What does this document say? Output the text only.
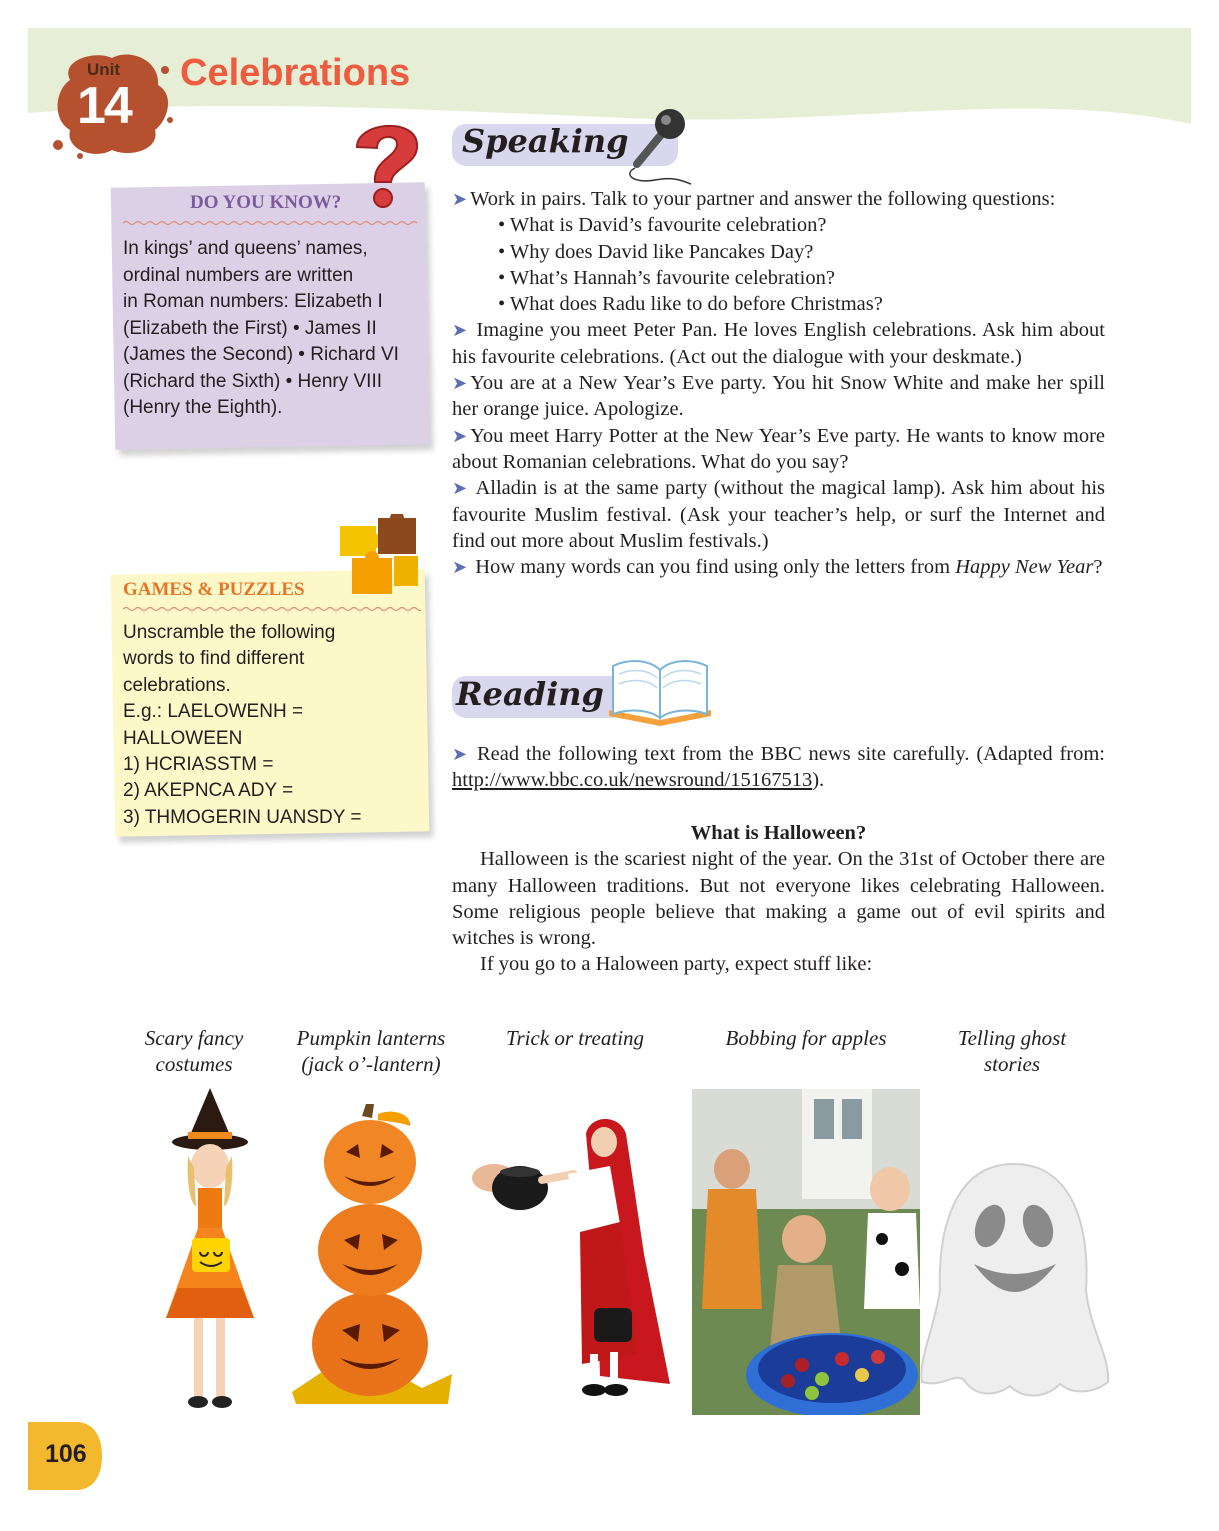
Unit
14
Celebrations
DO YOU KNOW?
In kings’ and queens’ names,
ordinal numbers are written
in Roman numbers: Elizabeth I
(Elizabeth the First) • James II
(James the Second) • Richard VI
(Richard the Sixth) • Henry VIII
(Henry the Eighth).
GAMES & PUZZLES
Unscramble the following
words to find different
celebrations.
E.g.: LAELOWENH = HALLOWEEN
1) HCRIASSTM =
2) AKEPNCA ADY =
3) THMOGERIN UANSDY =
Speaking

➤ Work in pairs. Talk to your partner and answer the following questions:

• What is David’s favourite celebration?

• Why does David like Pancakes Day?

• What’s Hannah’s favourite celebration?

• What does Radu like to do before Christmas?

➤ Imagine you meet Peter Pan. He loves English celebrations. Ask him about his favourite celebrations. (Act out the dialogue with your deskmate.)

➤ You are at a New Year’s Eve party. You hit Snow White and make her spill her orange juice. Apologize.

➤ You meet Harry Potter at the New Year’s Eve party. He wants to know more about Romanian celebrations. What do you say?

➤ Alladin is at the same party (without the magical lamp). Ask him about his favourite Muslim festival. (Ask your teacher’s help, or surf the Internet and find out more about Muslim festivals.)

➤ How many words can you find using only the letters from Happy New Year?

Reading

➤ Read the following text from the BBC news site carefully. (Adapted from: http://www.bbc.co.uk/newsround/15167513).

What is Halloween?

Halloween is the scariest night of the year. On the 31st of October there are many Halloween traditions. But not everyone likes celebrating Halloween. Some religious people believe that making a game out of evil spirits and witches is wrong.

If you go to a Haloween party, expect stuff like:

Scary fancy
costumes
Pumpkin lanterns
(jack o’-lantern)
Trick or treating	Bobbing for apples	Telling ghost
stories
106
